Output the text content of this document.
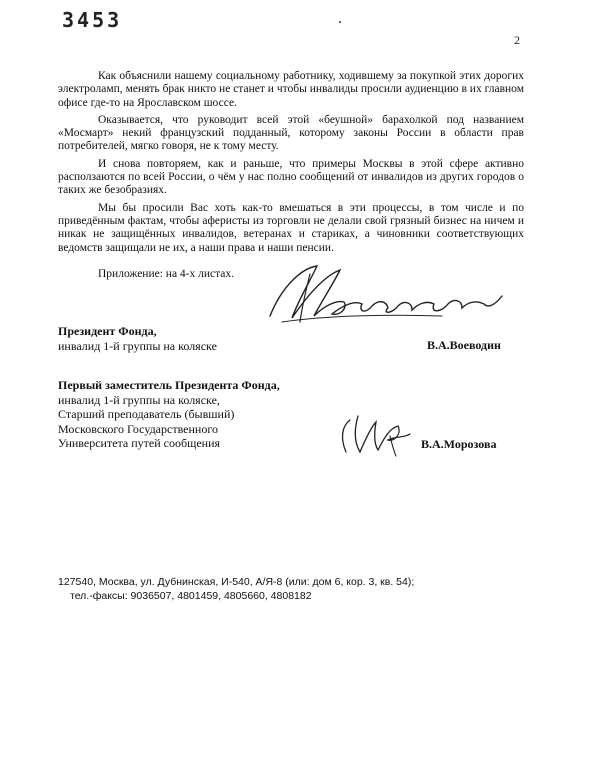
3453
2

Как объяснили нашему социальному работнику, ходившему за покупкой этих дорогих электроламп, менять брак никто не станет и чтобы инвалиды просили аудиенцию в их главном офисе где-то на Ярославском шоссе.

Оказывается, что руководит всей этой «беушной» барахолкой под названием «Мосмарт» некий французский подданный, которому законы России в области прав потребителей, мягко говоря, не к тому месту.

И снова повторяем, как и раньше, что примеры Москвы в этой сфере активно расползаются по всей России, о чём у нас полно сообщений от инвалидов из других городов о таких же безобразиях.

Мы бы просили Вас хоть как-то вмешаться в эти процессы, в том числе и по приведённым фактам, чтобы аферисты из торговли не делали свой грязный бизнес на ничем и никак не защищённых инвалидов, ветеранах и стариках, а чиновники соответствующих ведомств защищали не их, а наши права и наши пенсии.

Приложение: на 4-х листах.
Президент Фонда,
инвалид 1-й группы на коляске	В.А.Воеводин
Первый заместитель Президента Фонда,
инвалид 1-й группы на коляске,
Старший преподаватель (бывший)
Московского Государственного
Университета путей сообщения	В.А.Морозова
127540, Москва, ул. Дубнинская, И-540, А/Я-8 (или: дом 6, кор. 3, кв. 54);
тел.-факсы: 9036507, 4801459, 4805660, 4808182
